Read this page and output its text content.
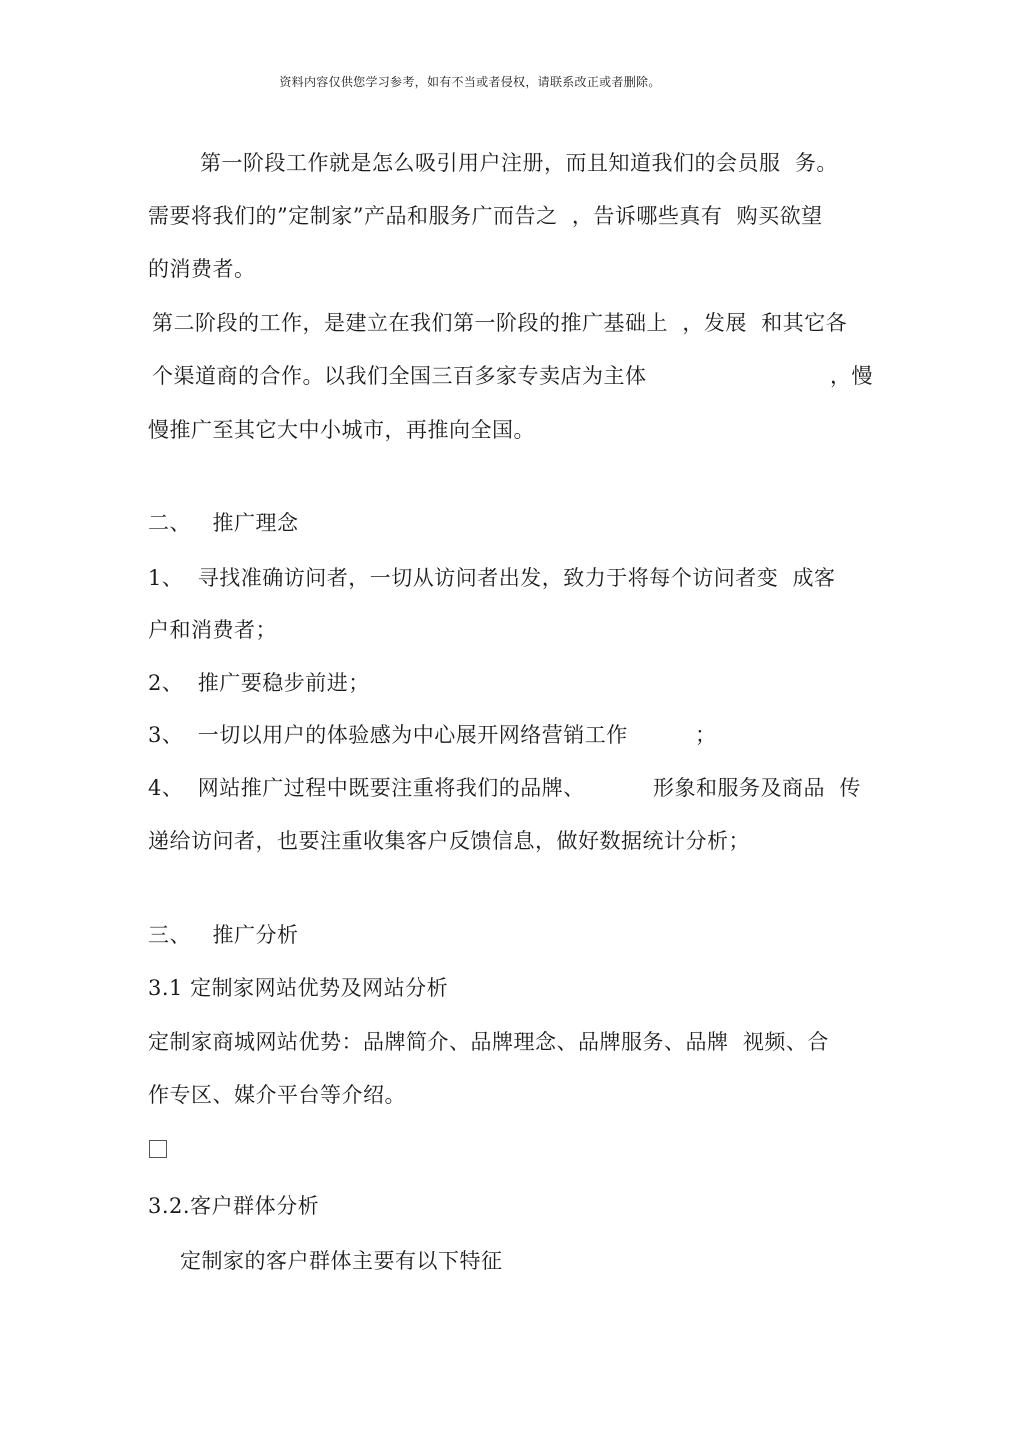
资料内容仅供您学习参考，如有不当或者侵权，请联系改正或者删除。
第一阶段工作就是怎么吸引用户注册，而且知道我们的会员服  务。
需要将我们的”定制家”产品和服务广而告之  ，告诉哪些真有  购买欲望
的消费者。
第二阶段的工作，是建立在我们第一阶段的推广基础上  ，发展  和其它各
个渠道商的合作。以我们全国三百多家专卖店为主体	，慢
慢推广至其它大中小城市，再推向全国。
二、   推广理念
1、  寻找准确访问者，一切从访问者出发，致力于将每个访问者变  成客
户和消费者；
2、  推广要稳步前进；
3、  一切以用户的体验感为中心展开网络营销工作	；
4、  网站推广过程中既要注重将我们的品牌、	形象和服务及商品  传
递给访问者，也要注重收集客户反馈信息，做好数据统计分析；
三、   推广分析
3.1 定制家网站优势及网站分析
定制家商城网站优势：品牌简介、品牌理念、品牌服务、品牌  视频、合
作专区、媒介平台等介绍。
3.2.客户群体分析
定制家的客户群体主要有以下特征
